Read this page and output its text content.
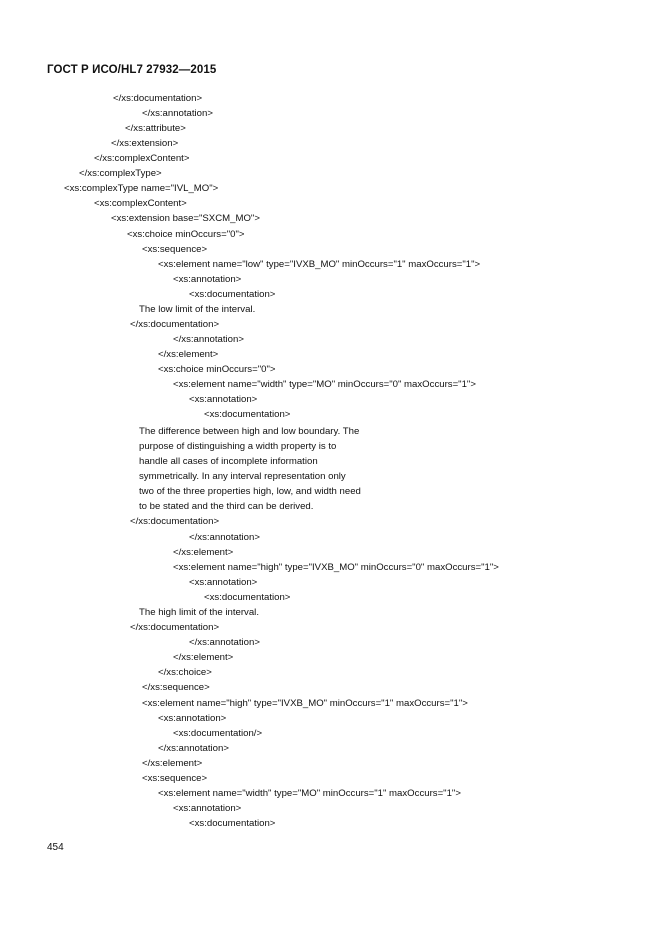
ГОСТ Р ИСО/HL7 27932—2015
</xs:documentation>
</xs:annotation>
</xs:attribute>
</xs:extension>
</xs:complexContent>
</xs:complexType>
<xs:complexType name="IVL_MO">
<xs:complexContent>
<xs:extension base="SXCM_MO">
<xs:choice minOccurs="0">
<xs:sequence>
<xs:element name="low" type="IVXB_MO" minOccurs="1" maxOccurs="1">
<xs:annotation>
<xs:documentation>
The low limit of the interval.
</xs:documentation>
</xs:annotation>
</xs:element>
<xs:choice minOccurs="0">
<xs:element name="width" type="MO" minOccurs="0" maxOccurs="1">
<xs:annotation>
<xs:documentation>
The difference between high and low boundary. The
purpose of distinguishing a width property is to
handle all cases of incomplete information
symmetrically. In any interval representation only
two of the three properties high, low, and width need
to be stated and the third can be derived.
</xs:documentation>
</xs:annotation>
</xs:element>
<xs:element name="high" type="IVXB_MO" minOccurs="0" maxOccurs="1">
<xs:annotation>
<xs:documentation>
The high limit of the interval.
</xs:documentation>
</xs:annotation>
</xs:element>
</xs:choice>
</xs:sequence>
<xs:element name="high" type="IVXB_MO" minOccurs="1" maxOccurs="1">
<xs:annotation>
<xs:documentation/>
</xs:annotation>
</xs:element>
<xs:sequence>
<xs:element name="width" type="MO" minOccurs="1" maxOccurs="1">
<xs:annotation>
<xs:documentation>
454
